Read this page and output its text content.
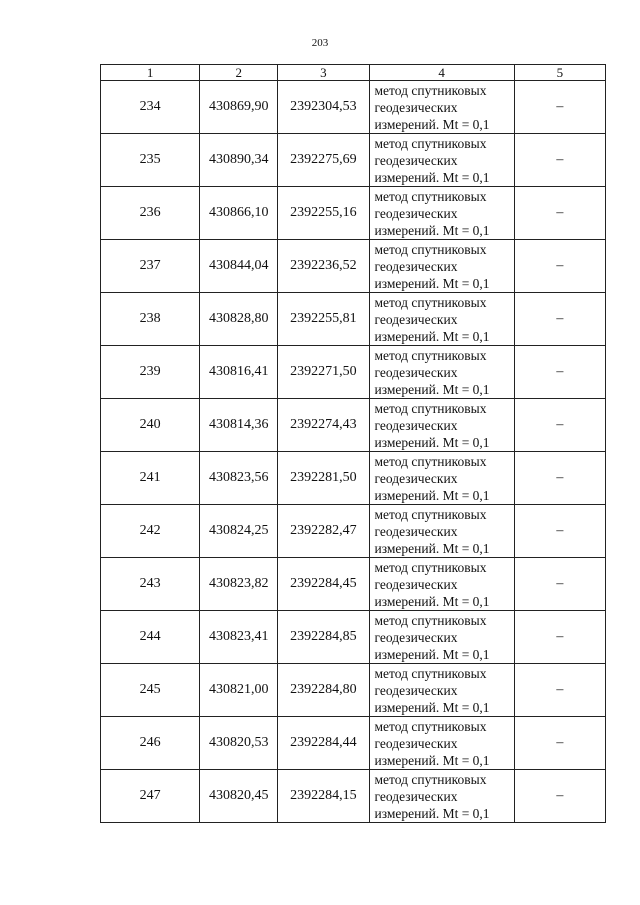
203
1	2	3	4	5
234	430869,90	2392304,53	метод спутниковых
геодезических
измерений. Mt = 0,1	–
235	430890,34	2392275,69	метод спутниковых
геодезических
измерений. Mt = 0,1	–
236	430866,10	2392255,16	метод спутниковых
геодезических
измерений. Mt = 0,1	–
237	430844,04	2392236,52	метод спутниковых
геодезических
измерений. Mt = 0,1	–
238	430828,80	2392255,81	метод спутниковых
геодезических
измерений. Mt = 0,1	–
239	430816,41	2392271,50	метод спутниковых
геодезических
измерений. Mt = 0,1	–
240	430814,36	2392274,43	метод спутниковых
геодезических
измерений. Mt = 0,1	–
241	430823,56	2392281,50	метод спутниковых
геодезических
измерений. Mt = 0,1	–
242	430824,25	2392282,47	метод спутниковых
геодезических
измерений. Mt = 0,1	–
243	430823,82	2392284,45	метод спутниковых
геодезических
измерений. Mt = 0,1	–
244	430823,41	2392284,85	метод спутниковых
геодезических
измерений. Mt = 0,1	–
245	430821,00	2392284,80	метод спутниковых
геодезических
измерений. Mt = 0,1	–
246	430820,53	2392284,44	метод спутниковых
геодезических
измерений. Mt = 0,1	–
247	430820,45	2392284,15	метод спутниковых
геодезических
измерений. Mt = 0,1	–
